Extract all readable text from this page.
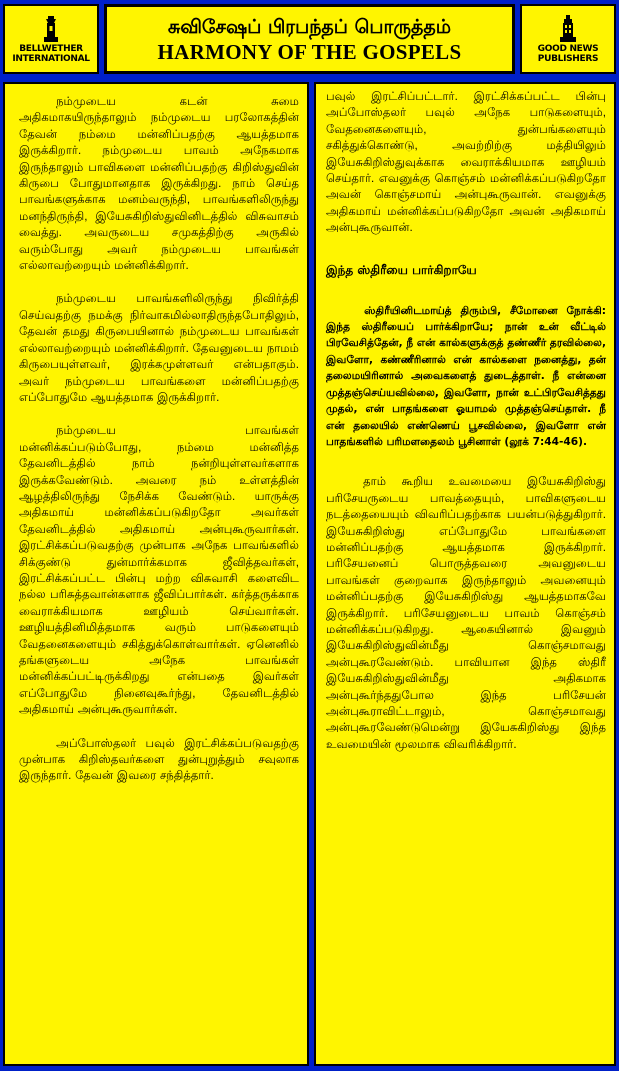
BELLWETHER
INTERNATIONAL
சுவிசேஷப் பிரபந்தப் பொருத்தம்
HARMONY OF THE GOSPELS	GOOD NEWS
PUBLISHERS

நம்முடைய கடன் சுமை அதிகமாகயிருந்தாலும் நம்முடைய பரலோகத்தின் தேவன் நம்மை மன்னிப்பதற்கு ஆயத்தமாக இருக்கிறார். நம்முடைய பாவம் அநேகமாக இருந்தாலும் பாவிகளை மன்னிப்பதற்கு கிறிஸ்துவின் கிருபை போதுமானதாக இருக்கிறது. நாம் செய்த பாவங்களுக்காக மனம்வருந்தி, பாவங்களிலிருந்து மனந்திருந்தி, இயேசுகிறிஸ்துவினிடத்தில் விசுவாசம் வைத்து. அவருடைய சமுகத்திற்கு அருகில் வரும்போது அவர் நம்முடைய பாவங்கள் எல்லாவற்றையும் மன்னிக்கிறார்.

நம்முடைய பாவங்களிலிருந்து நிவிர்த்தி செய்வதற்கு நமக்கு நிர்வாகமில்லாதிருந்தபோதிலும், தேவன் தமது கிருபையினால் நம்முடைய பாவங்கள் எல்லாவற்றையும் மன்னிக்கிறார். தேவனுடைய நாமம் கிருபையுள்ளவர், இரக்கமுள்ளவர் என்பதாகும். அவர் நம்முடைய பாவங்களை மன்னிப்பதற்கு எப்போதுமே ஆயத்தமாக இருக்கிறார்.

நம்முடைய பாவங்கள் மன்னிக்கப்படும்போது, நம்மை மன்னித்த தேவனிடத்தில் நாம் நன்றியுள்ளவர்களாக இருக்கவேண்டும். அவரை நம் உள்ளத்தின் ஆழத்திலிருந்து நேசிக்க வேண்டும். யாருக்கு அதிகமாய் மன்னிக்கப்படுகிறதோ அவர்கள் தேவனிடத்தில் அதிகமாய் அன்புகூருவார்கள். இரட்சிக்கப்படுவதற்கு முன்பாக அநேக பாவங்களில் சிக்குண்டு துன்மார்க்கமாக ஜீவித்தவர்கள், இரட்சிக்கப்பட்ட பின்பு மற்ற விசுவாசி களைவிட நல்ல பரிசுத்தவான்களாக ஜீவிப்பார்கள். கர்த்தருக்காக வைராக்கியமாக ஊழியம் செய்வார்கள். ஊழியத்தினிமித்தமாக வரும் பாடுகளையும் வேதனைகளையும் சகித்துக்கொள்வார்கள். ஏனெனில் தங்களுடைய அநேக பாவங்கள் மன்னிக்கப்பட்டிருக்கிறது என்பதை இவர்கள் எப்போதுமே நினைவுகூர்ந்து, தேவனிடத்தில் அதிகமாய் அன்புகூருவார்கள்.

அப்போஸ்தலர் பவுல் இரட்சிக்கப்படுவதற்கு முன்பாக கிறிஸ்தவர்களை துன்புறுத்தும் சவுலாக இருந்தார். தேவன் இவரை சந்தித்தார்.

பவுல் இரட்சிப்பட்டார். இரட்சிக்கப்பட்ட பின்பு அப்போஸ்தலர் பவுல் அநேக பாடுகளையும், வேதனைகளையும், துன்பங்களையும் சகித்துக்கொண்டு, அவற்றிற்கு மத்தியிலும் இயேசுகிறிஸ்துவுக்காக வைராக்கியமாக ஊழியம் செய்தார். எவனுக்கு கொஞ்சம் மன்னிக்கப்படுகிறதோ அவன் கொஞ்சமாய் அன்புகூருவான். எவனுக்கு அதிகமாய் மன்னிக்கப்படுகிறதோ அவன் அதிகமாய் அன்புகூருவான்.

இந்த ஸ்திரீயை பார்கிறாயே

ஸ்திரீயினிடமாய்த் திரும்பி, சீமோனை நோக்கி: இந்த ஸ்திரீயைப் பார்க்கிறாயே; நான் உன் வீட்டில் பிரவேசித்தேன், நீ என் கால்களுக்குத் தண்ணீர் தரவில்லை, இவளோ, கண்ணீரினால் என் கால்களை நனைத்து, தன் தலைமயிரினால் அவைகளைத் துடைத்தாள். நீ என்னை முத்தஞ்செய்யவில்லை, இவளோ, நான் உட்பிரவேசித்தது முதல், என் பாதங்களை ஓயாமல் முத்தஞ்செய்தாள். நீ என் தலையில் எண்ணெய் பூசவில்லை, இவளோ என் பாதங்களில் பரிமளதைலம் பூசினாள் (லூக் 7:44-46).

தாம் கூறிய உவமையை இயேசுகிறிஸ்து பரிசேயருடைய பாவத்தையும், பாவிகளுடைய நடத்தையையும் விவரிப்பதற்காக பயன்படுத்துகிறார். இயேசுகிறிஸ்து எப்போதுமே பாவங்களை மன்னிப்பதற்கு ஆயத்தமாக இருக்கிறார். பரிசேயனைப் பொருத்தவரை அவனுடைய பாவங்கள் குறைவாக இருந்தாலும் அவனையும் மன்னிப்பதற்கு இயேசுகிறிஸ்து ஆயத்தமாகவே இருக்கிறார். பரிசேயனுடைய பாவம் கொஞ்சம் மன்னிக்கப்படுகிறது. ஆகையினால் இவனும் இயேசுகிறிஸ்துவின்மீது கொஞ்சமாவது அன்புகூரவேண்டும். பாவியான இந்த ஸ்திரீ இயேசுகிறிஸ்துவின்மீது அதிகமாக அன்புகூர்ந்ததுபோல இந்த பரிசேயன் அன்புகூராவிட்டாலும், கொஞ்சமாவது அன்புகூரவேண்டுமென்று இயேசுகிறிஸ்து இந்த உவமையின் மூலமாக விவரிக்கிறார்.
